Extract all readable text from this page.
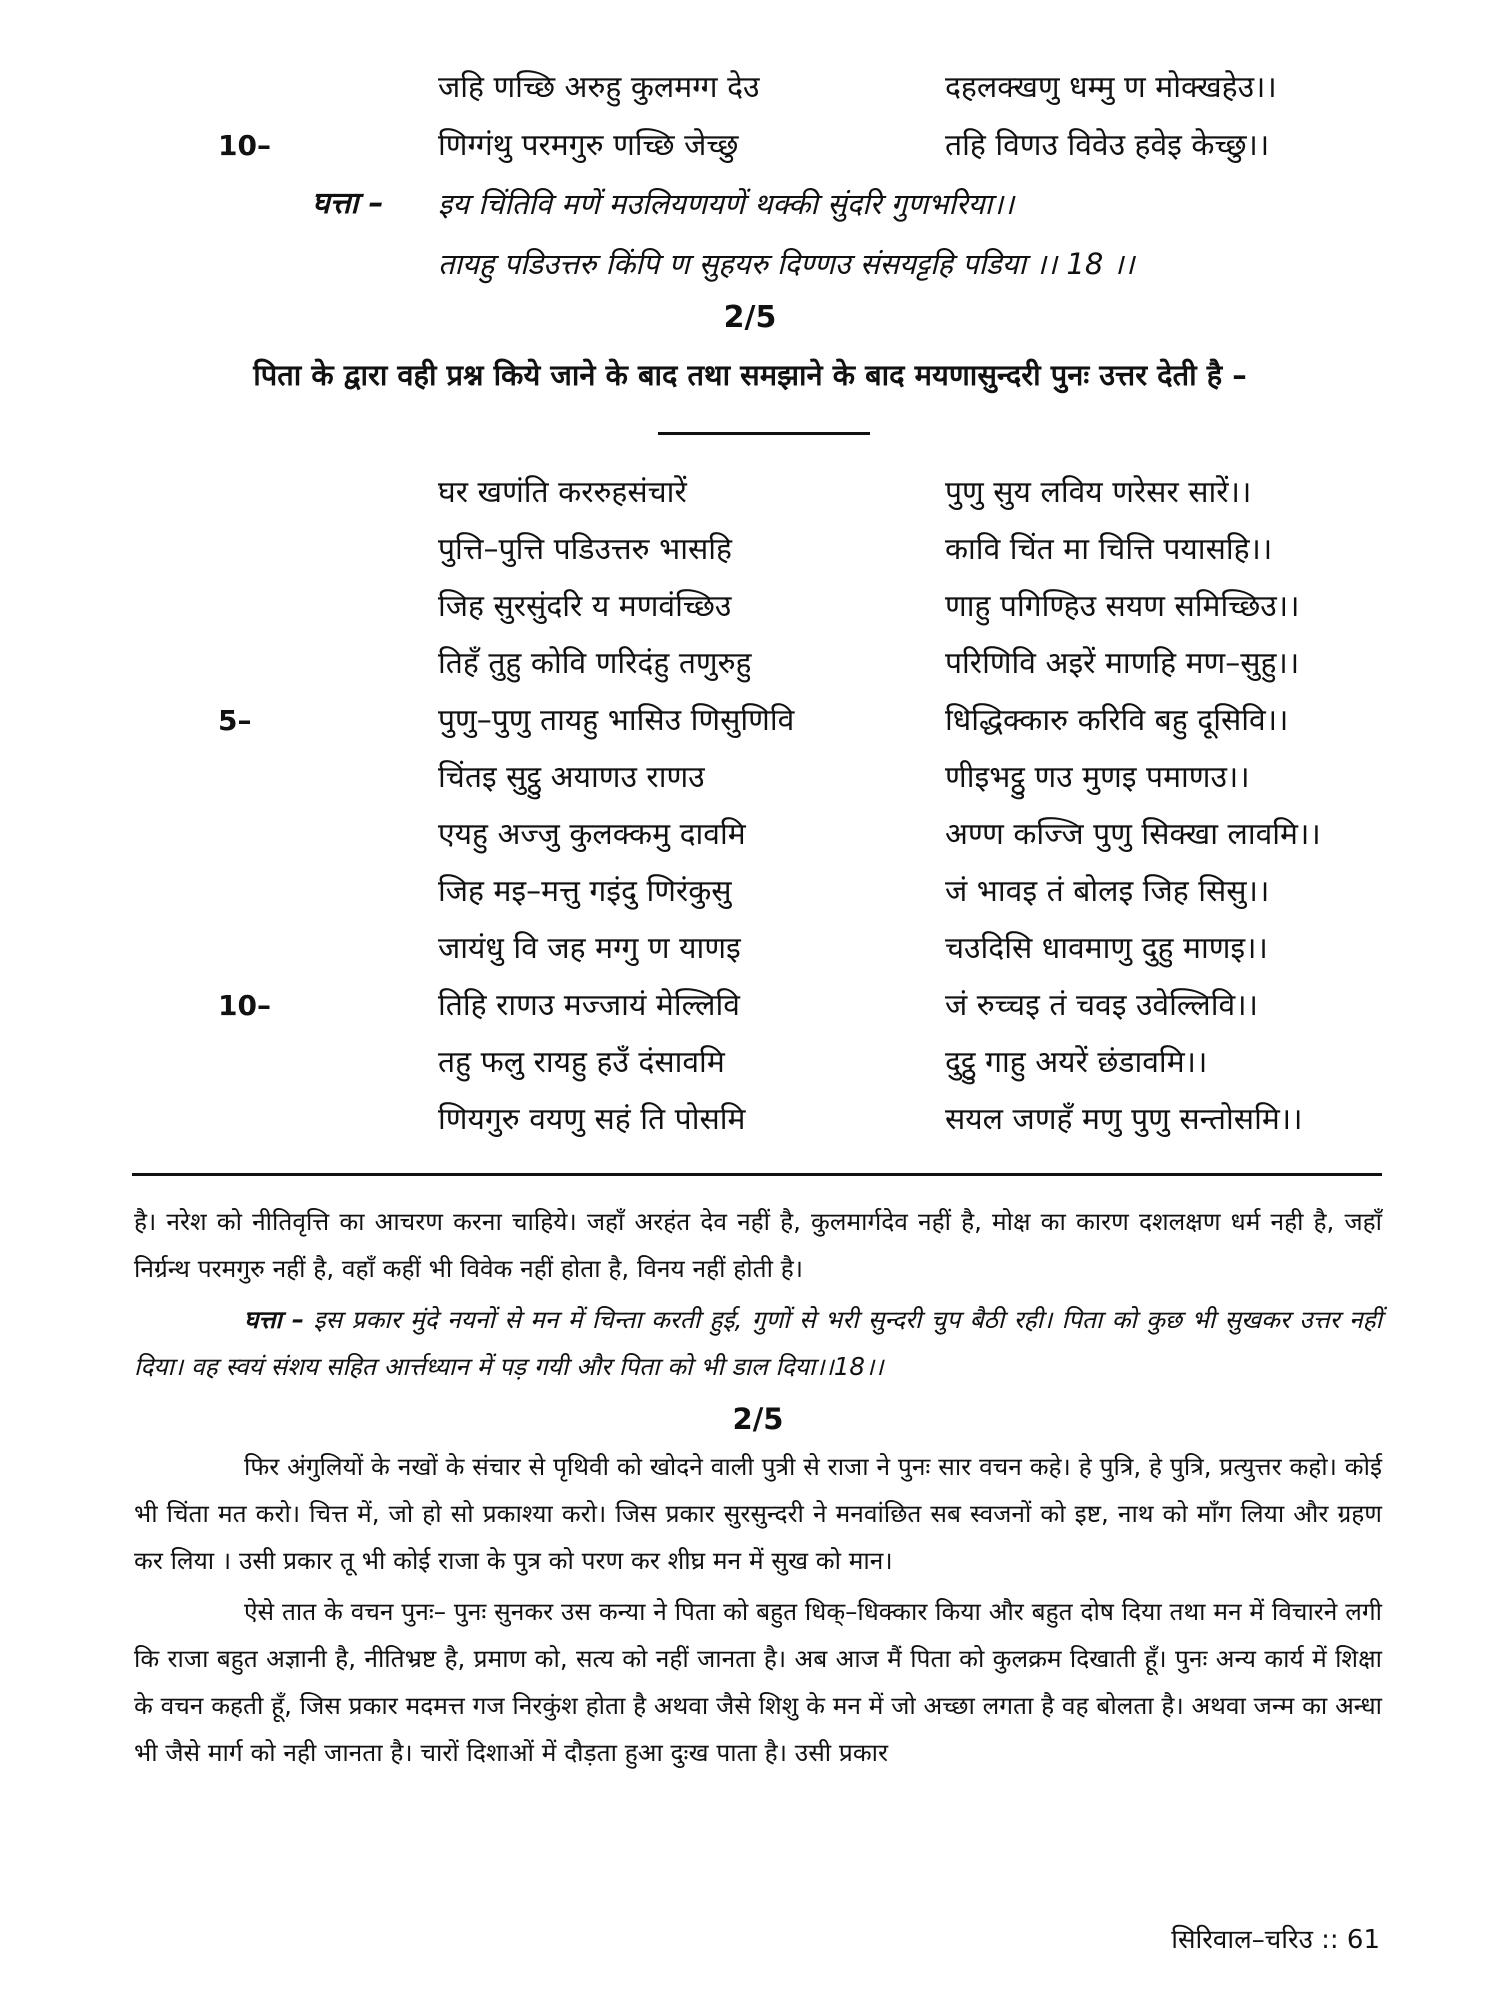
जहि णच्छि अरुहु कुलमग्ग देउ	दहलक्खणु धम्मु ण मोक्खहेउ।।
10–	णिग्गंथु परमगुरु णच्छि जेच्छु	तहि विणउ विवेउ हवेइ केच्छु।।
घत्ता – इय चिंतिवि मणें मउलियणयणें थक्की सुंदरि गुणभरिया।।
तायहु पडिउत्तरु किंपि ण सुहयरु दिण्णउ संसयट्टहि पडिया ।। 18 ।।
2/5
पिता के द्वारा वही प्रश्न किये जाने के बाद तथा समझाने के बाद मयणासुन्दरी पुनः उत्तर देती है –
घर खणंति कररुहसंचारें	पुणु सुय लविय णरेसर सारें।।
पुत्ति–पुत्ति पडिउत्तरु भासहि	कावि चिंत मा चित्ति पयासहि।।
जिह सुरसुंदरि य मणवंच्छिउ	णाहु पगिण्हिउ सयण समिच्छिउ।।
तिहँ तुहु कोवि णरिदंहु तणुरुहु	परिणिवि अइरें माणहि मण–सुहु।।
5–	पुणु–पुणु तायहु भासिउ णिसुणिवि	धिद्धिक्कारु करिवि बहु दूसिवि।।
चिंतइ सुट्ठु अयाणउ राणउ	णीइभट्ठु णउ मुणइ पमाणउ।।
एयहु अज्जु कुलक्कमु दावमि	अण्ण कज्जि पुणु सिक्खा लावमि।।
जिह मइ–मत्तु गइंदु णिरंकुसु	जं भावइ तं बोलइ जिह सिसु।।
जायंधु वि जह मग्गु ण याणइ	चउदिसि धावमाणु दुहु माणइ।।
10–	तिहि राणउ मज्जायं मेल्लिवि	जं रुच्चइ तं चवइ उवेल्लिवि।।
तहु फलु रायहु हउँ दंसावमि	दुट्ठु गाहु अयरें छंडावमि।।
णियगुरु वयणु सहं ति पोसमि	सयल जणहँ मणु पुणु सन्तोसमि।।

है। नरेश को नीतिवृत्ति का आचरण करना चाहिये। जहाँ अरहंत देव नहीं है, कुलमार्गदेव नहीं है, मोक्ष का कारण दशलक्षण धर्म नही है, जहाँ निर्ग्रन्थ परमगुरु नहीं है, वहाँ कहीं भी विवेक नहीं होता है, विनय नहीं होती है।

घत्ता – इस प्रकार मुंदे नयनों से मन में चिन्ता करती हुई, गुणों से भरी सुन्दरी चुप बैठी रही। पिता को कुछ भी सुखकर उत्तर नहीं दिया। वह स्वयं संशय सहित आर्त्तध्यान में पड़ गयी और पिता को भी डाल दिया।।18।।

2/5

फिर अंगुलियों के नखों के संचार से पृथिवी को खोदने वाली पुत्री से राजा ने पुनः सार वचन कहे। हे पुत्रि, हे पुत्रि, प्रत्युत्तर कहो। कोई भी चिंता मत करो। चित्त में, जो हो सो प्रकाश्या करो। जिस प्रकार सुरसुन्दरी ने मनवांछित सब स्वजनों को इष्ट, नाथ को माँग लिया और ग्रहण कर लिया । उसी प्रकार तू भी कोई राजा के पुत्र को परण कर शीघ्र मन में सुख को मान।

ऐसे तात के वचन पुनः– पुनः सुनकर उस कन्या ने पिता को बहुत धिक्–धिक्कार किया और बहुत दोष दिया तथा मन में विचारने लगी कि राजा बहुत अज्ञानी है, नीतिभ्रष्ट है, प्रमाण को, सत्य को नहीं जानता है। अब आज मैं पिता को कुलक्रम दिखाती हूँ। पुनः अन्य कार्य में शिक्षा के वचन कहती हूँ, जिस प्रकार मदमत्त गज निरकुंश होता है अथवा जैसे शिशु के मन में जो अच्छा लगता है वह बोलता है। अथवा जन्म का अन्धा भी जैसे मार्ग को नही जानता है। चारों दिशाओं में दौड़ता हुआ दुःख पाता है। उसी प्रकार

सिरिवाल–चरिउ :: 61
